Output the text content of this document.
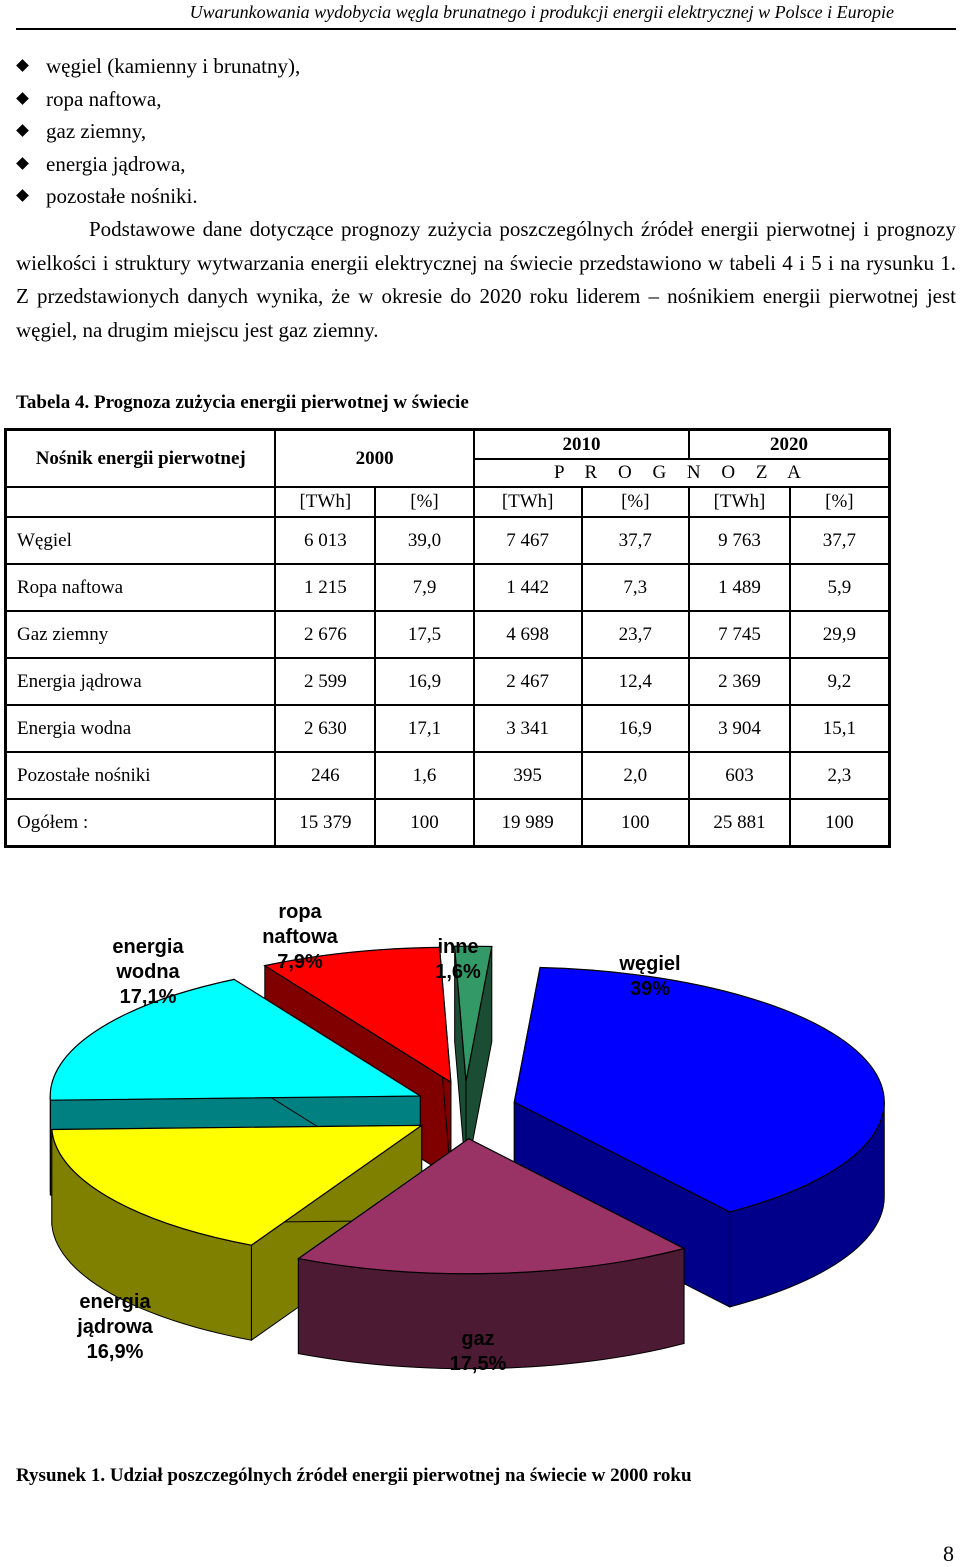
Uwarunkowania wydobycia węgla brunatnego i produkcji energii elektrycznej w Polsce i Europie
węgiel (kamienny i brunatny),
ropa naftowa,
gaz ziemny,
energia jądrowa,
pozostałe nośniki.

Podstawowe dane dotyczące prognozy zużycia poszczególnych źródeł energii pierwotnej i prognozy wielkości i struktury wytwarzania energii elektrycznej na świecie przedstawiono w tabeli 4 i 5 i na rysunku 1. Z przedstawionych danych wynika, że w okresie do 2020 roku liderem – nośnikiem energii pierwotnej jest węgiel, na drugim miejscu jest gaz ziemny.

Tabela 4. Prognoza zużycia energii pierwotnej w świecie
Nośnik energii pierwotnej	2000		2010		2020	
			P R O G N O Z A			
	[TWh]	[%]	[TWh]	[%]	[TWh]	[%]
Węgiel	6 013	39,0	7 467	37,7	9 763	37,7
Ropa naftowa	1 215	7,9	1 442	7,3	1 489	5,9
Gaz ziemny	2 676	17,5	4 698	23,7	7 745	29,9
Energia jądrowa	2 599	16,9	2 467	12,4	2 369	9,2
Energia wodna	2 630	17,1	3 341	16,9	3 904	15,1
Pozostałe nośniki	246	1,6	395	2,0	603	2,3
Ogółem :	15 379	100	19 989	100	25 881	100
węgiel 39%
gaz 17,5%
energia jądrowa 16,9%
energia wodna 17,1%
ropa naftowa 7,9%
inne 1,6%
Rysunek 1. Udział poszczególnych źródeł energii pierwotnej na świecie w 2000 roku
8
